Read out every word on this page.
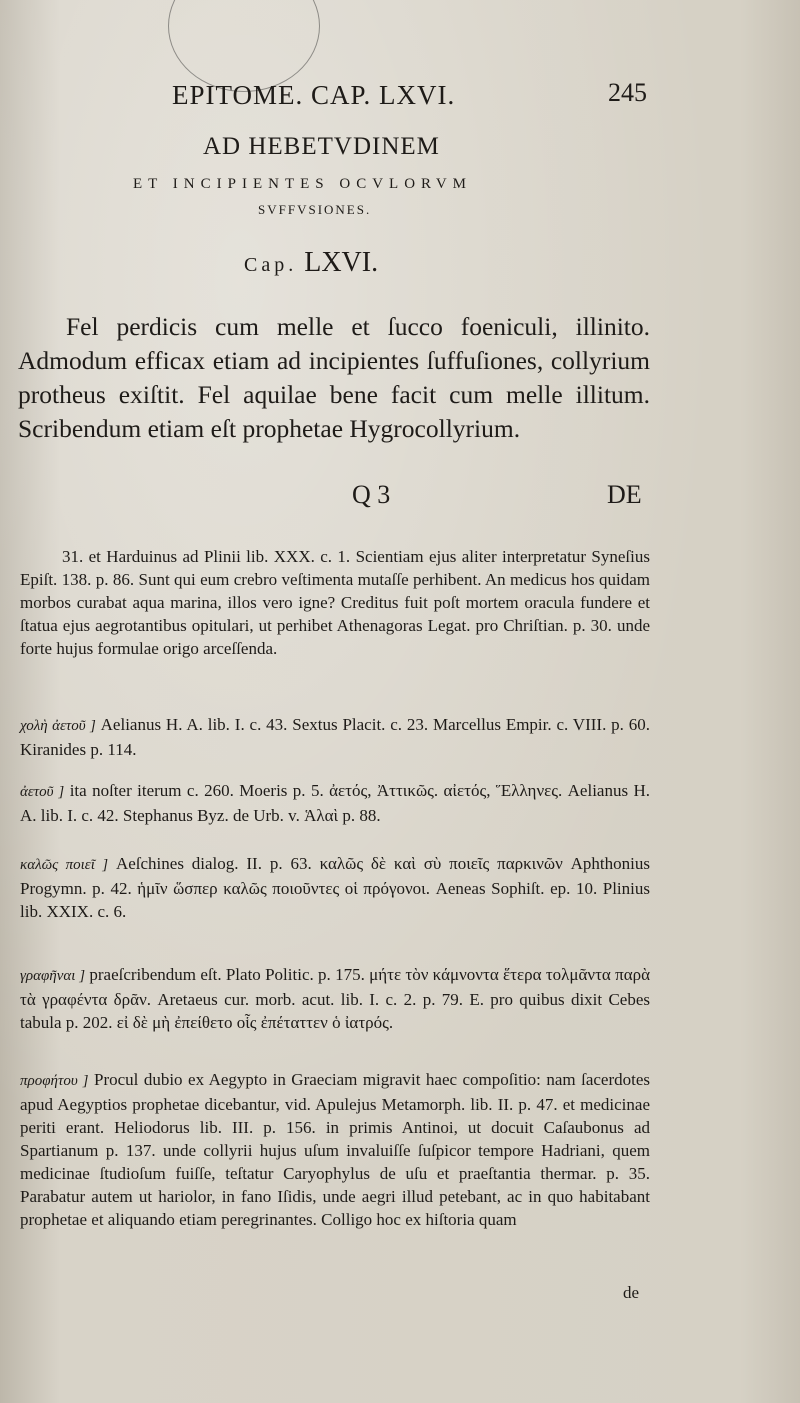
EPITOME. CAP. LXVI.	245
AD HEBETVDINEM
ET INCIPIENTES OCVLORVM
SVFFVSIONES.
Cap. LXVI.

Fel perdicis cum melle et ſucco foeniculi, illinito. Admodum efficax etiam ad incipientes ſuffuſiones, collyrium protheus exiſtit. Fel aquilae bene facit cum melle illitum. Scribendum etiam eſt prophetae Hygrocollyrium.

Q 3	DE

31. et Harduinus ad Plinii lib. XXX. c. 1. Scientiam ejus aliter interpretatur Syneſius Epiſt. 138. p. 86. Sunt qui eum crebro veſtimenta mutaſſe perhibent. An medicus hos quidam morbos curabat aqua marina, illos vero igne? Creditus fuit poſt mortem oracula fundere et ſtatua ejus aegrotantibus opitulari, ut perhibet Athenagoras Legat. pro Chriſtian. p. 30. unde forte hujus formulae origo arceſſenda.

χολὴ ἀετοῦ ] Aelianus H. A. lib. I. c. 43. Sextus Placit. c. 23. Marcellus Empir. c. VIII. p. 60. Kiranides p. 114.

ἀετοῦ ] ita noſter iterum c. 260. Moeris p. 5. ἀετός, Ἀττικῶς. αἰετός, Ἕλληνες. Aelianus H. A. lib. I. c. 42. Stephanus Byz. de Urb. v. Ἁλαὶ p. 88.

καλῶς ποιεῖ ] Aeſchines dialog. II. p. 63. καλῶς δὲ καὶ σὺ ποιεῖς παρκινῶν Aphthonius Progymn. p. 42. ἡμῖν ὥσπερ καλῶς ποιοῦντες οἱ πρόγονοι. Aeneas Sophiſt. ep. 10. Plinius lib. XXIX. c. 6.

γραφῆναι ] praeſcribendum eſt. Plato Politic. p. 175. μήτε τὸν κάμνοντα ἕτερα τολμᾶντα παρὰ τὰ γραφέντα δρᾶν. Aretaeus cur. morb. acut. lib. I. c. 2. p. 79. E. pro quibus dixit Cebes tabula p. 202. εἰ δὲ μὴ ἐπείθετο οἷς ἐπέταττεν ὁ ἰατρός.

προφήτου ] Procul dubio ex Aegypto in Graeciam migravit haec compoſitio: nam ſacerdotes apud Aegyptios prophetae dicebantur, vid. Apulejus Metamorph. lib. II. p. 47. et medicinae periti erant. Heliodorus lib. III. p. 156. in primis Antinoi, ut docuit Caſaubonus ad Spartianum p. 137. unde collyrii hujus uſum invaluiſſe ſuſpicor tempore Hadriani, quem medicinae ſtudioſum fuiſſe, teſtatur Caryophylus de uſu et praeſtantia thermar. p. 35. Parabatur autem ut hariolor, in fano Iſidis, unde aegri illud petebant, ac in quo habitabant prophetae et aliquando etiam peregrinantes. Colligo hoc ex hiſtoria quam

de
